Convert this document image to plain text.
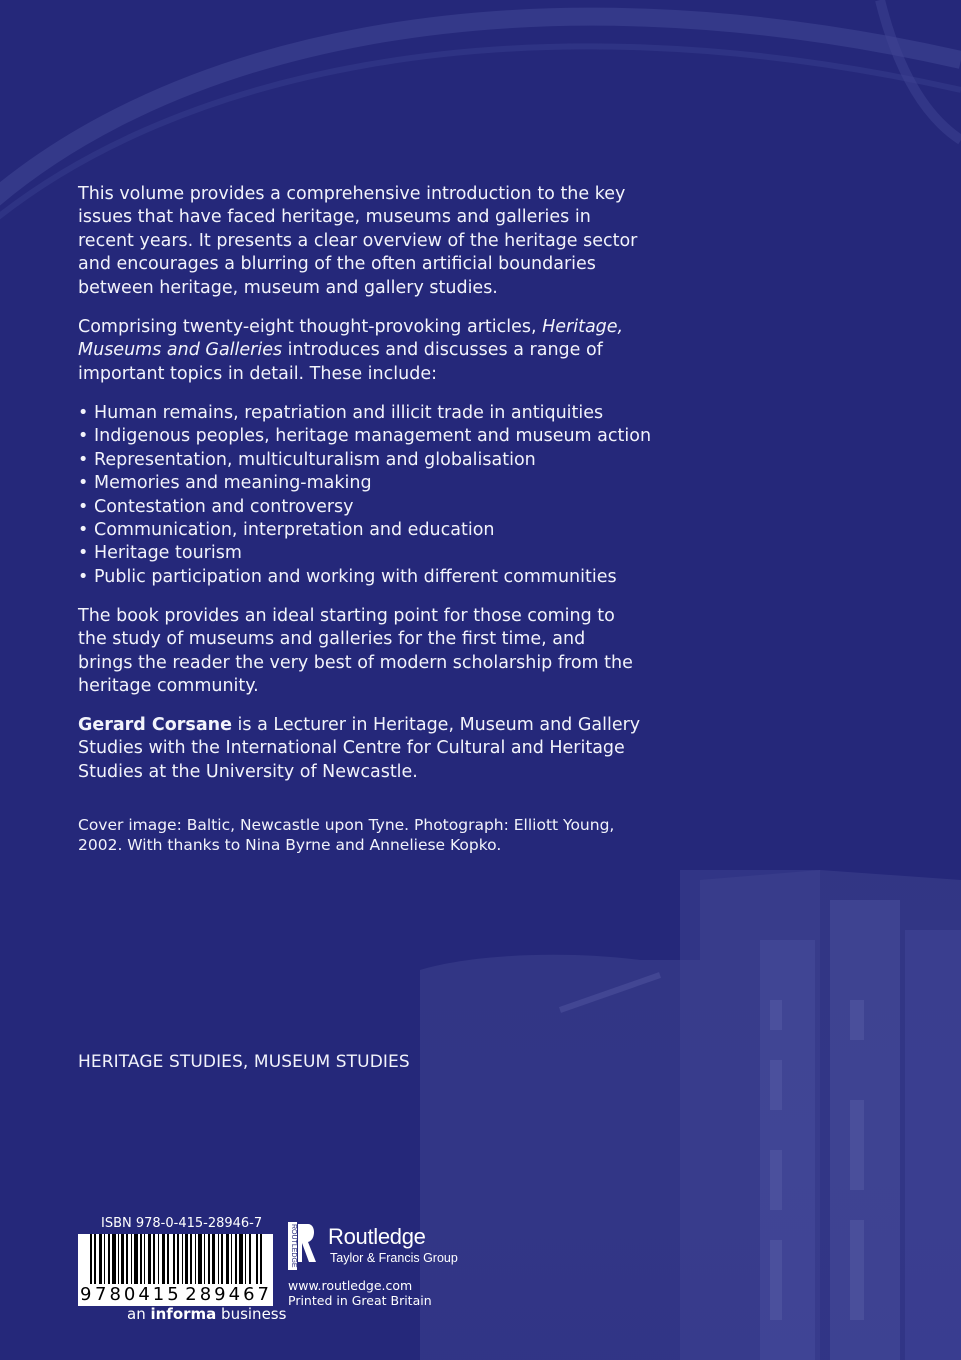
This volume provides a comprehensive introduction to the key issues that have faced heritage, museums and galleries in recent years. It presents a clear overview of the heritage sector and encourages a blurring of the often artificial boundaries between heritage, museum and gallery studies.

Comprising twenty-eight thought-provoking articles, Heritage, Museums and Galleries introduces and discusses a range of important topics in detail. These include:

• Human remains, repatriation and illicit trade in antiquities
• Indigenous peoples, heritage management and museum action
• Representation, multiculturalism and globalisation
• Memories and meaning-making
• Contestation and controversy
• Communication, interpretation and education
• Heritage tourism
• Public participation and working with different communities

The book provides an ideal starting point for those coming to the study of museums and galleries for the first time, and brings the reader the very best of modern scholarship from the heritage community.

Gerard Corsane is a Lecturer in Heritage, Museum and Gallery Studies with the International Centre for Cultural and Heritage Studies at the University of Newcastle.

Cover image: Baltic, Newcastle upon Tyne. Photograph: Elliott Young, 2002. With thanks to Nina Byrne and Anneliese Kopko.

HERITAGE STUDIES, MUSEUM STUDIES
ISBN 978-0-415-28946-7
9 780415 289467
an informa business
ROUTLEDGE Routledge
Taylor & Francis Group
www.routledge.com
Printed in Great Britain
